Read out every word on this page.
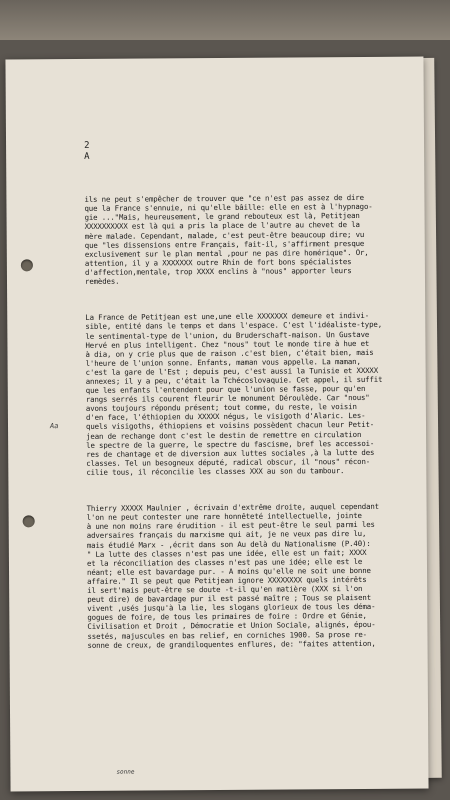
2
A

ils ne peut s'empêcher de trouver que "ce n'est pas assez de dire
que la France s'ennuie, ni qu'elle bâille: elle en est à l'hypnago-
gie ..."Mais, heureusement, le grand rebouteux est là, Petitjean
XXXXXXXXXX est là qui a pris la place de l'autre au chevet de la
mère malade. Cependant, malade, c'est peut-être beaucoup dire; vu
que "les dissensions entre Français, fait-il, s'affirment presque
exclusivement sur le plan mental ,pour ne pas dire homérique". Or,
attention, il y a XXXXXXX outre Rhin de fort bons spécialistes
d'affection,mentale, trop XXXX enclins à "nous" apporter leurs
remèdes.

La France de Petitjean est une,une elle XXXXXXX demeure et indivi-
sible, entité dans le temps et dans l'espace. C'est l'idéaliste-type,
le sentimental-type de l'union, du Bruderschaft-maison. Un Gustave
Hervé en plus intelligent. Chez "nous" tout le monde tire à hue et
à dia, on y crie plus que de raison .c'est bien, c'était bien, mais
l'heure de l'union sonne. Enfants, maman vous appelle. La maman,
c'est la gare de l'Est ; depuis peu, c'est aussi la Tunisie et XXXXX
annexes; il y a peu, c'était la Tchécoslovaquie. Cet appel, il suffit
que les enfants l'entendent pour que l'union se fasse, pour qu'en
rangs serrés ils courent fleurir le monument Déroulède. Car "nous"
avons toujours répondu présent; tout comme, du reste, le voisin
d'en face, l'éthiopien du XXXXX négus, le visigoth d'Alaric. Les-
quels visigoths, éthiopiens et voisins possèdent chacun leur Petit-
jean de rechange dont c'est le destin de remettre en circulation
le spectre de la guerre, le spectre du fascisme, bref les accessoi-
res de chantage et de diversion aux luttes sociales ,à la lutte des
classes. Tel un besogneux député, radical obscur, il "nous" récon-
cilie tous, il réconcilie les classes XXX au son du tambour.

Thierry XXXXX Maulnier , écrivain d'extrême droite, auquel cependant
l'on ne peut contester une rare honnêteté intellectuelle, jointe
à une non moins rare érudition - il est peut-être le seul parmi les
adversaires français du marxisme qui ait, je ne veux pas dire lu,
mais étudié Marx - ,écrit dans son Au delà du Nationalisme (P.40):
" La lutte des classes n'est pas une idée, elle est un fait; XXXX
et la réconciliation des classes n'est pas une idée; elle est le
néant; elle est bavardage pur. - A moins qu'elle ne soit une bonne
affaire." Il se peut que Petitjean ignore XXXXXXXX quels intérêts
il sert'mais peut-être se doute -t-il qu'en matière (XXX si l'on
peut dire) de bavardage pur il est passé maître ; Tous se plaisent
vivent ,usés jusqu'à la lie, les slogans glorieux de tous les déma-
gogues de foire, de tous les primaires de foire : Ordre et Génie,
Civilisation et Droit , Démocratie et Union Sociale, alignés, épou-
ssetés, majuscules en bas relief, en corniches 1900. Sa prose re-
sonne de creux, de grandiloquentes enflures, de: "faites attention,

Aa
sonne
